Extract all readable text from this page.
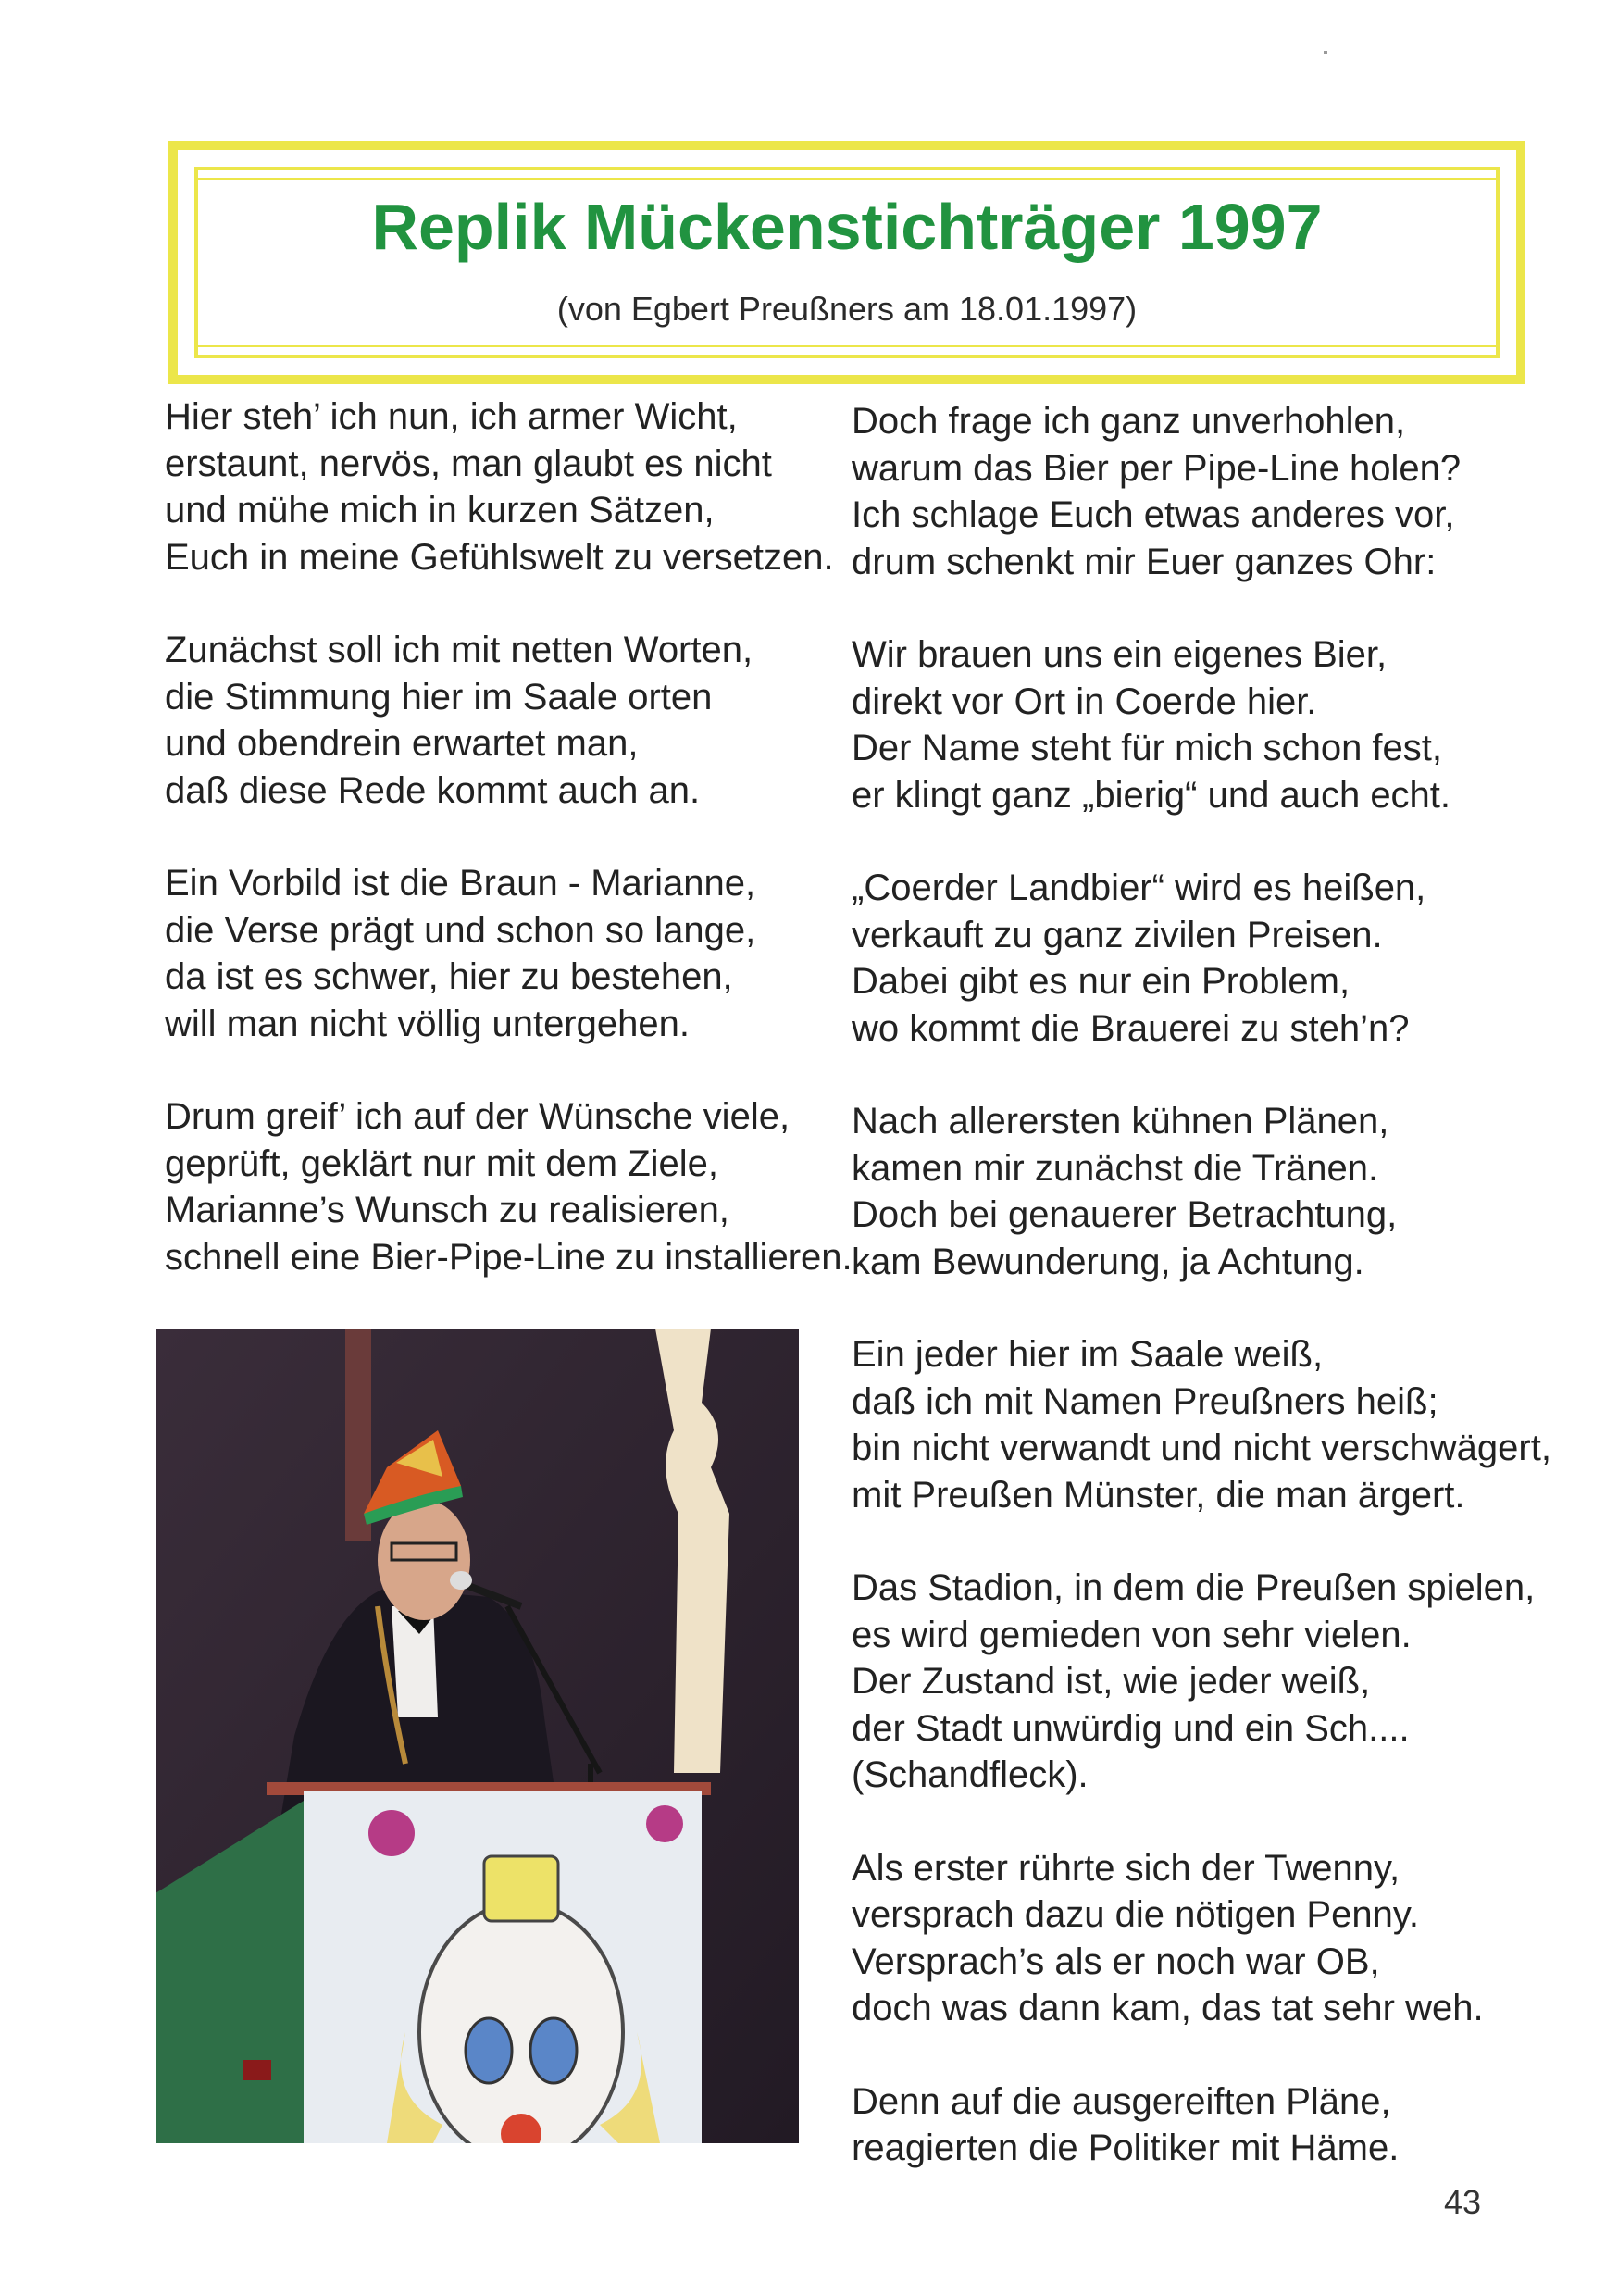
Replik Mückenstichträger 1997
(von Egbert Preußners am 18.01.1997)
Hier steh’ ich nun, ich armer Wicht,
erstaunt, nervös, man glaubt es nicht
und mühe mich in kurzen Sätzen,
Euch in meine Gefühlswelt zu versetzen.
Zunächst soll ich mit netten Worten,
die Stimmung hier im Saale orten
und obendrein erwartet man,
daß diese Rede kommt auch an.
Ein Vorbild ist die Braun - Marianne,
die Verse prägt und schon so lange,
da ist es schwer, hier zu bestehen,
will man nicht völlig untergehen.
Drum greif’ ich auf der Wünsche viele,
geprüft, geklärt nur mit dem Ziele,
Marianne’s Wunsch zu realisieren,
schnell eine Bier-Pipe-Line zu installieren.
Doch frage ich ganz unverhohlen,
warum das Bier per Pipe-Line holen?
Ich schlage Euch etwas anderes vor,
drum schenkt mir Euer ganzes Ohr:
Wir brauen uns ein eigenes Bier,
direkt vor Ort in Coerde hier.
Der Name steht für mich schon fest,
er klingt ganz „bierig“ und auch echt.
„Coerder Landbier“ wird es heißen,
verkauft zu ganz zivilen Preisen.
Dabei gibt es nur ein Problem,
wo kommt die Brauerei zu steh’n?
Nach allerersten kühnen Plänen,
kamen mir zunächst die Tränen.
Doch bei genauerer Betrachtung,
kam Bewunderung, ja Achtung.
Ein jeder hier im Saale weiß,
daß ich mit Namen Preußners heiß;
bin nicht verwandt und nicht verschwägert,
mit Preußen Münster, die man ärgert.
Das Stadion, in dem die Preußen spielen,
es wird gemieden von sehr vielen.
Der Zustand ist, wie jeder weiß,
der Stadt unwürdig und ein Sch....
(Schandfleck).
Als erster rührte sich der Twenny,
versprach dazu die nötigen Penny.
Versprach’s als er noch war OB,
doch was dann kam, das tat sehr weh.
Denn auf die ausgereiften Pläne,
reagierten die Politiker mit Häme.
43
